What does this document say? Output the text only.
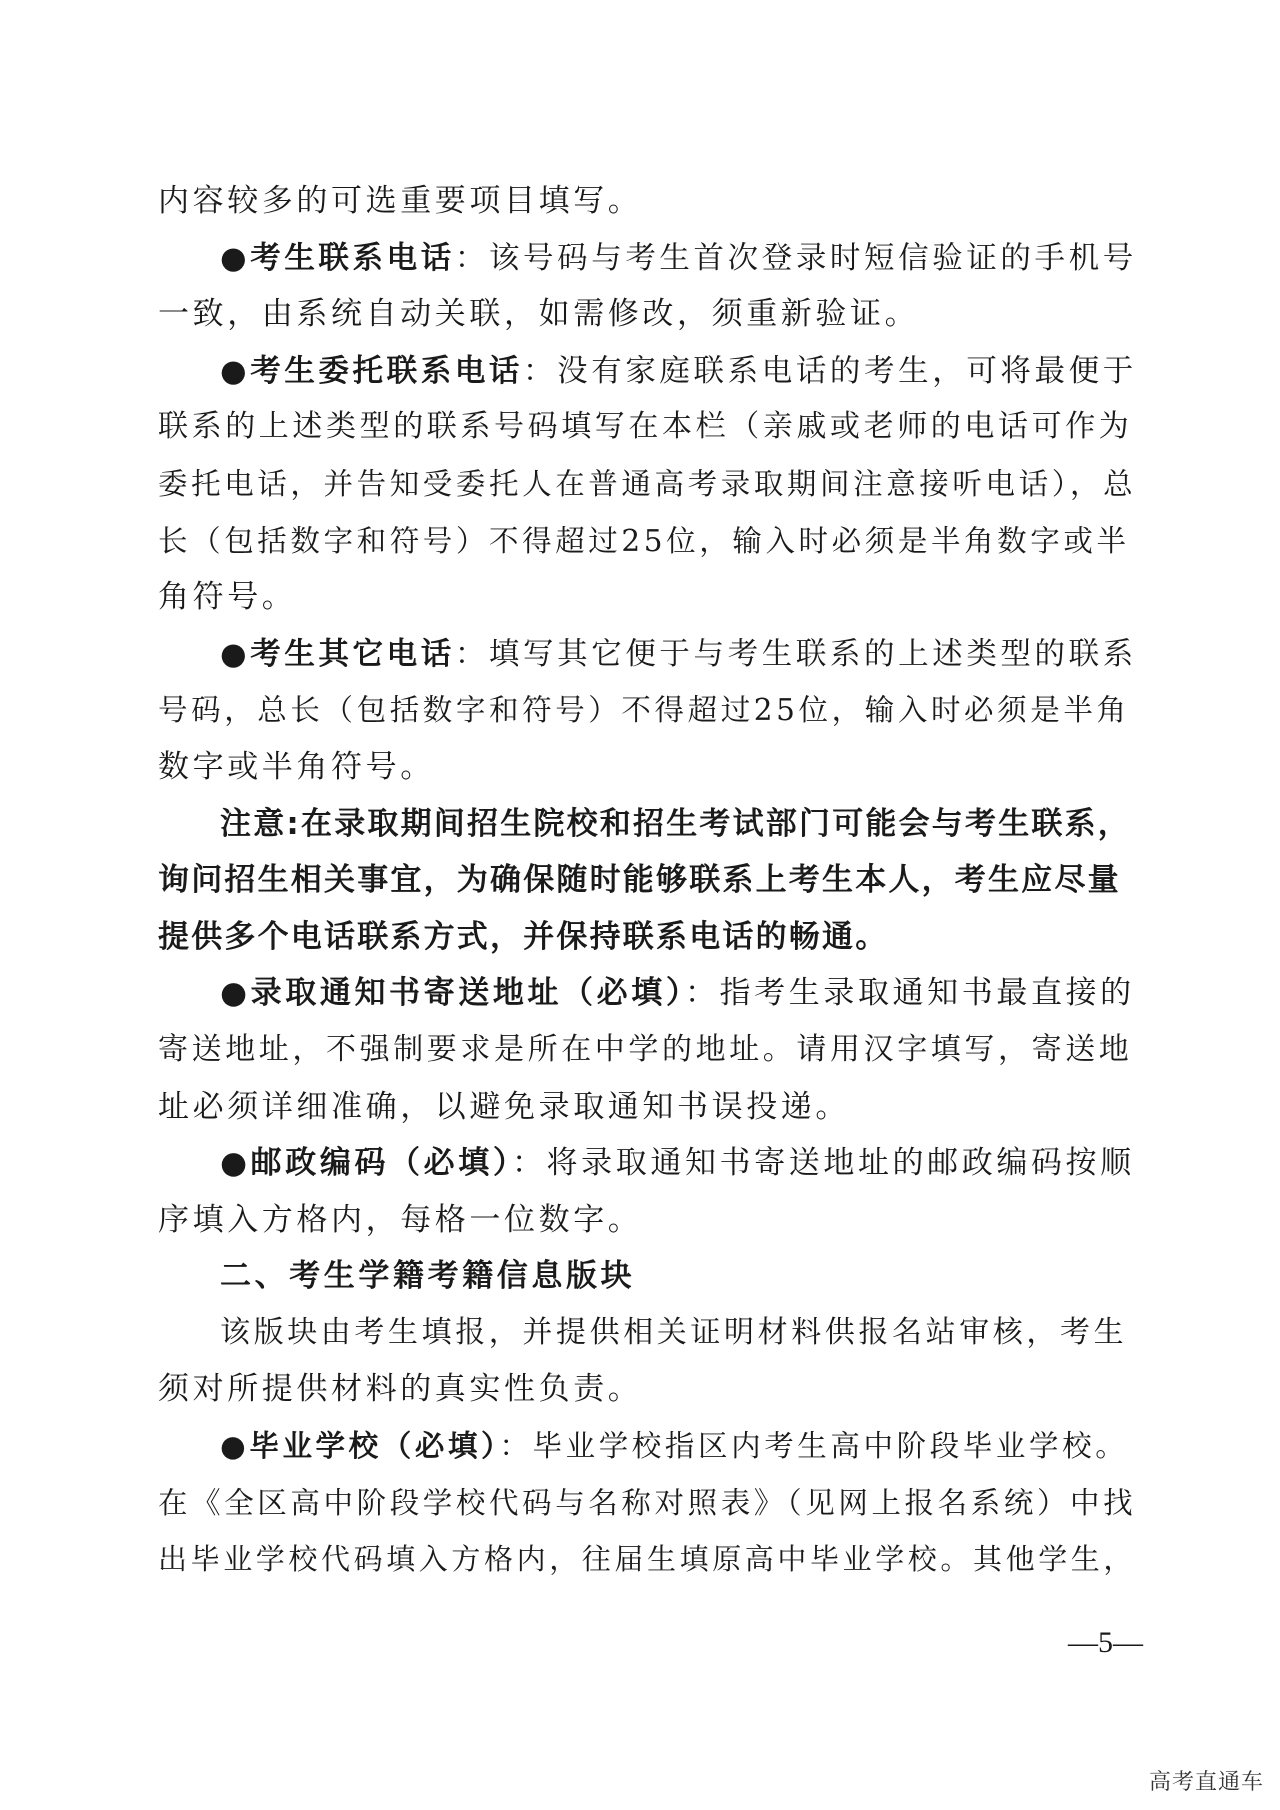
内容较多的可选重要项目填写。
●考生联系电话：该号码与考生首次登录时短信验证的手机号
一致，由系统自动关联，如需修改，须重新验证。
●考生委托联系电话：没有家庭联系电话的考生，可将最便于
联系的上述类型的联系号码填写在本栏（亲戚或老师的电话可作为
委托电话，并告知受委托人在普通高考录取期间注意接听电话），总
长（包括数字和符号）不得超过25位，输入时必须是半角数字或半
角符号。
●考生其它电话：填写其它便于与考生联系的上述类型的联系
号码，总长（包括数字和符号）不得超过25位，输入时必须是半角
数字或半角符号。
注意:在录取期间招生院校和招生考试部门可能会与考生联系，
询问招生相关事宜，为确保随时能够联系上考生本人，考生应尽量
提供多个电话联系方式，并保持联系电话的畅通。
●录取通知书寄送地址（必填）：指考生录取通知书最直接的
寄送地址，不强制要求是所在中学的地址。请用汉字填写，寄送地
址必须详细准确，以避免录取通知书误投递。
●邮政编码（必填）：将录取通知书寄送地址的邮政编码按顺
序填入方格内，每格一位数字。
二、考生学籍考籍信息版块
该版块由考生填报，并提供相关证明材料供报名站审核，考生
须对所提供材料的真实性负责。
●毕业学校（必填）：毕业学校指区内考生高中阶段毕业学校。
在《全区高中阶段学校代码与名称对照表》（见网上报名系统）中找
出毕业学校代码填入方格内，往届生填原高中毕业学校。其他学生，
—5—
高考直通车
